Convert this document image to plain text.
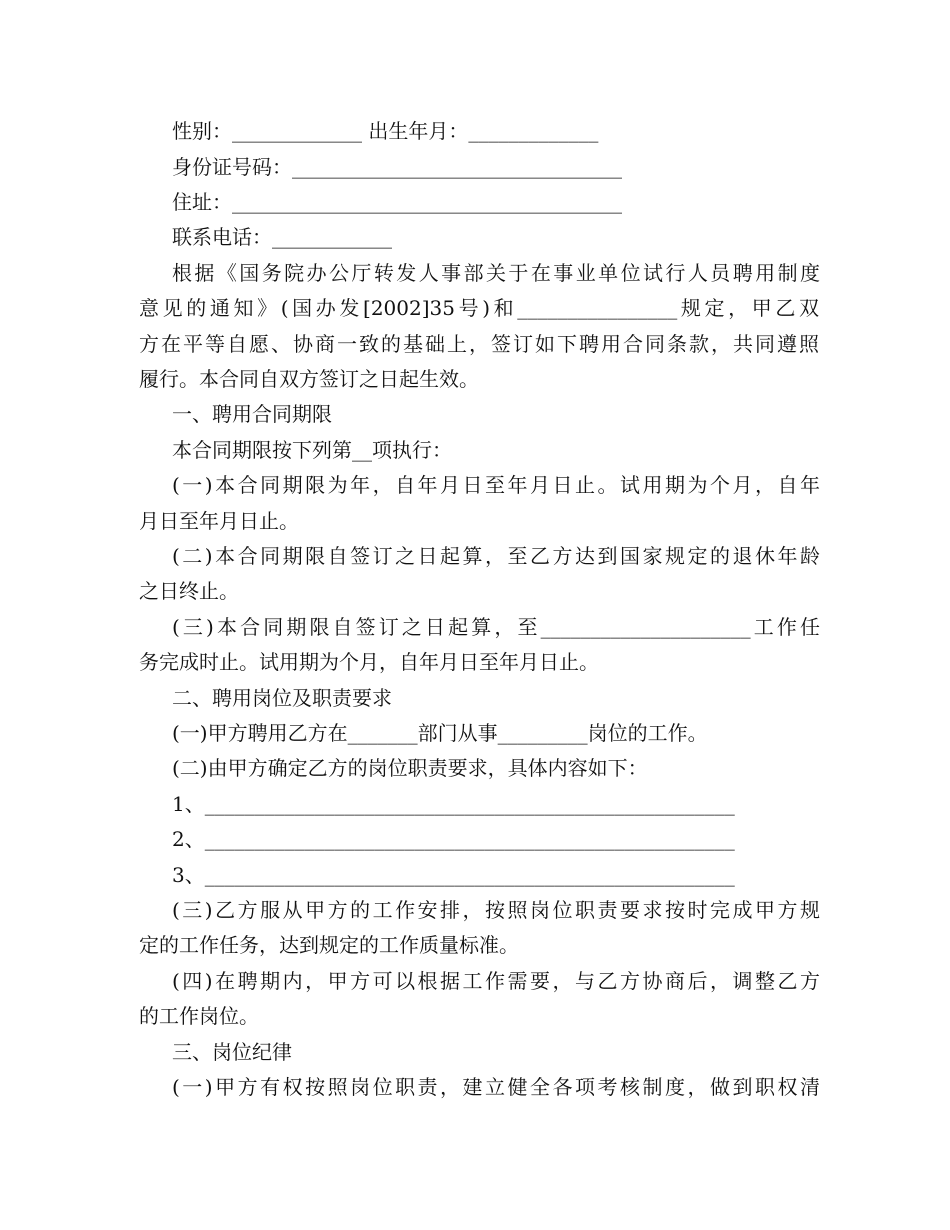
性别：_____________ 出生年月：_____________
身份证号码：_________________________________
住址：_______________________________________
联系电话：____________
根据《国务院办公厅转发人事部关于在事业单位试行人员聘用制度
意见的通知》(国办发[2002]35号)和________________规定，甲乙双
方在平等自愿、协商一致的基础上，签订如下聘用合同条款，共同遵照
履行。本合同自双方签订之日起生效。
一、聘用合同期限
本合同期限按下列第__项执行：
(一)本合同期限为年，自年月日至年月日止。试用期为个月，自年
月日至年月日止。
(二)本合同期限自签订之日起算，至乙方达到国家规定的退休年龄
之日终止。
(三)本合同期限自签订之日起算，至_____________________工作任
务完成时止。试用期为个月，自年月日至年月日止。
二、聘用岗位及职责要求
(一)甲方聘用乙方在_______部门从事_________岗位的工作。
(二)由甲方确定乙方的岗位职责要求，具体内容如下：
1、_____________________________________________________
2、_____________________________________________________
3、_____________________________________________________
(三)乙方服从甲方的工作安排，按照岗位职责要求按时完成甲方规
定的工作任务，达到规定的工作质量标准。
(四)在聘期内，甲方可以根据工作需要，与乙方协商后，调整乙方
的工作岗位。
三、岗位纪律
(一)甲方有权按照岗位职责，建立健全各项考核制度，做到职权清
